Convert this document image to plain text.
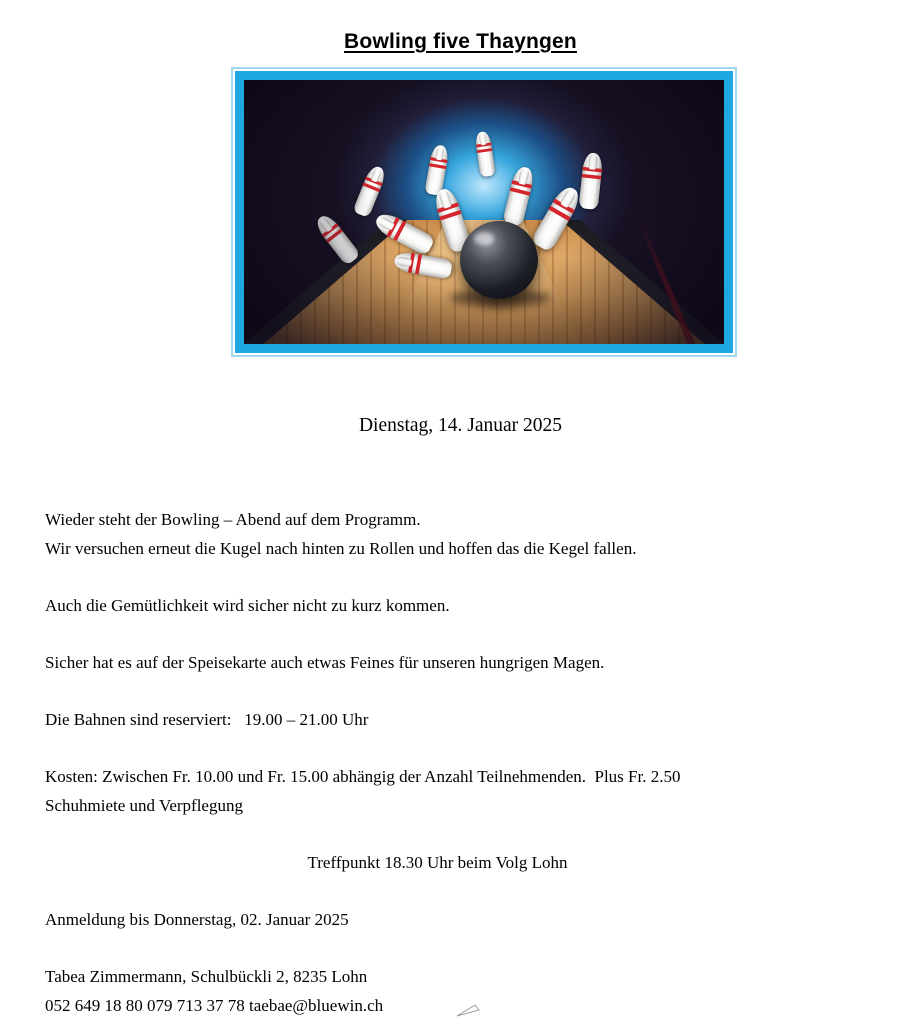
Bowling five Thayngen
Dienstag, 14. Januar 2025

Wieder steht der Bowling – Abend auf dem Programm.

Wir versuchen erneut die Kugel nach hinten zu Rollen und hoffen das die Kegel fallen.

Auch die Gemütlichkeit wird sicher nicht zu kurz kommen.

Sicher hat es auf der Speisekarte auch etwas Feines für unseren hungrigen Magen.

Die Bahnen sind reserviert:   19.00 – 21.00 Uhr

Kosten: Zwischen Fr. 10.00 und Fr. 15.00 abhängig der Anzahl Teilnehmenden.  Plus Fr. 2.50

Schuhmiete und Verpflegung

Treffpunkt 18.30 Uhr beim Volg Lohn

Anmeldung bis Donnerstag, 02. Januar 2025

Tabea Zimmermann, Schulbückli 2, 8235 Lohn

052 649 18 80 079 713 37 78 taebae@bluewin.ch
